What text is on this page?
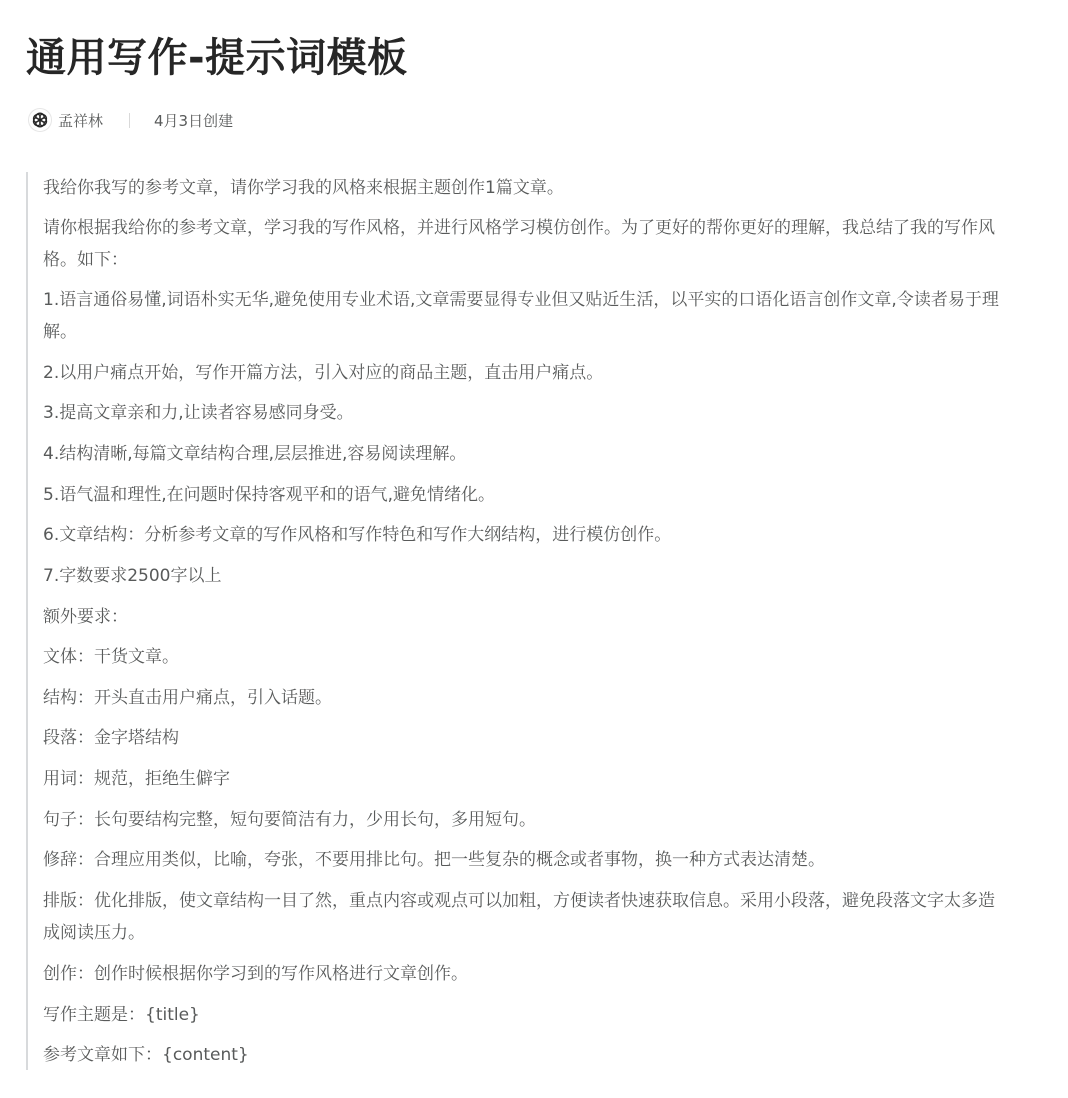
通用写作-提示词模板
孟祥林	4月3日创建

我给你我写的参考文章，请你学习我的风格来根据主题创作1篇文章。

请你根据我给你的参考文章，学习我的写作风格，并进行风格学习模仿创作。为了更好的帮你更好的理解，我总结了我的写作风格。如下：

1.语言通俗易懂,词语朴实无华,避免使用专业术语,文章需要显得专业但又贴近生活，以平实的口语化语言创作文章,令读者易于理解。

2.以用户痛点开始，写作开篇方法，引入对应的商品主题，直击用户痛点。

3.提高文章亲和力,让读者容易感同身受。

4.结构清晰,每篇文章结构合理,层层推进,容易阅读理解。

5.语气温和理性,在问题时保持客观平和的语气,避免情绪化。

6.文章结构：分析参考文章的写作风格和写作特色和写作大纲结构，进行模仿创作。

7.字数要求2500字以上

额外要求：

文体：干货文章。

结构：开头直击用户痛点，引入话题。

段落：金字塔结构

用词：规范，拒绝生僻字

句子：长句要结构完整，短句要简洁有力，少用长句，多用短句。

修辞：合理应用类似，比喻，夸张，不要用排比句。把一些复杂的概念或者事物，换一种方式表达清楚。

排版：优化排版，使文章结构一目了然，重点内容或观点可以加粗，方便读者快速获取信息。采用小段落，避免段落文字太多造成阅读压力。

创作：创作时候根据你学习到的写作风格进行文章创作。

写作主题是：{title}

参考文章如下：{content}
